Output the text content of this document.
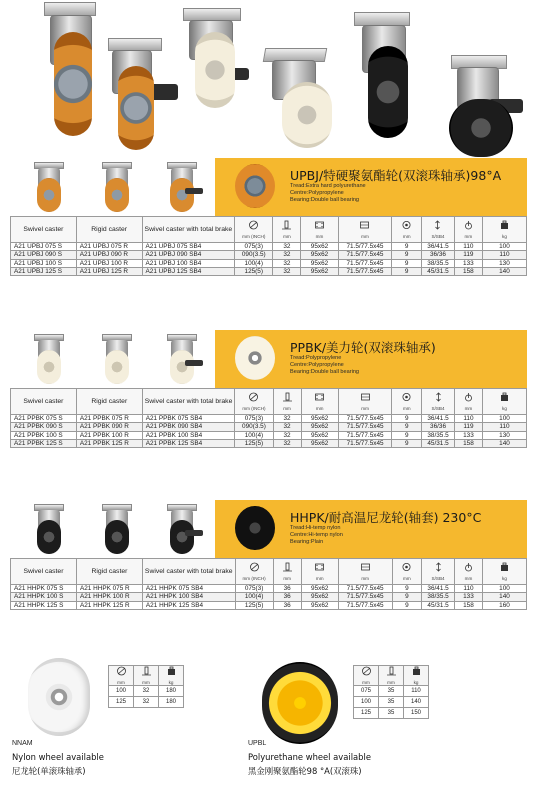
UPBJ/特硬聚氨酯轮(双滚珠轴承)98°A
Tread:Extra hard polyurethane
Centre:Polypropylene
Bearing:Double ball bearing
Swivel caster	Rigid caster	Swivel caster with total brake	mm (INCH)	mm	mm	mm	mm	S/SB4	mm	kg

A21 UPBJ 075 S	A21 UPBJ 075 R	A21 UPBJ 075 SB4	075(3)	32	95x62	71.5/77.5x45	9	36/41.5	110	100
A21 UPBJ 090 S	A21 UPBJ 090 R	A21 UPBJ 090 SB4	090(3.5)	32	95x62	71.5/77.5x45	9	36/36	119	110
A21 UPBJ 100 S	A21 UPBJ 100 R	A21 UPBJ 100 SB4	100(4)	32	95x62	71.5/77.5x45	9	38/35.5	133	130
A21 UPBJ 125 S	A21 UPBJ 125 R	A21 UPBJ 125 SB4	125(5)	32	95x62	71.5/77.5x45	9	45/31.5	158	140
PPBK/美力轮(双滚珠轴承)
Tread:Polypropylene
Centre:Polypropylene
Bearing:Double ball bearing
Swivel caster	Rigid caster	Swivel caster with total brake	mm (INCH)	mm	mm	mm	mm	S/SB4	mm	kg

A21 PPBK 075 S	A21 PPBK 075 R	A21 PPBK 075 SB4	075(3)	32	95x62	71.5/77.5x45	9	36/41.5	110	100
A21 PPBK 090 S	A21 PPBK 090 R	A21 PPBK 090 SB4	090(3.5)	32	95x62	71.5/77.5x45	9	36/36	119	110
A21 PPBK 100 S	A21 PPBK 100 R	A21 PPBK 100 SB4	100(4)	32	95x62	71.5/77.5x45	9	38/35.5	133	130
A21 PPBK 125 S	A21 PPBK 125 R	A21 PPBK 125 SB4	125(5)	32	95x62	71.5/77.5x45	9	45/31.5	158	140
HHPK/耐高温尼龙轮(轴套) 230°C
Tread:Hi-temp nylon
Centre:Hi-temp nylon
Bearing:Plain
Swivel caster	Rigid caster	Swivel caster with total brake	mm (INCH)	mm	mm	mm	mm	S/SB4	mm	kg

A21 HHPK 075 S	A21 HHPK 075 R	A21 HHPK 075 SB4	075(3)	36	95x62	71.5/77.5x45	9	36/41.5	110	100
A21 HHPK 100 S	A21 HHPK 100 R	A21 HHPK 100 SB4	100(4)	36	95x62	71.5/77.5x45	9	38/35.5	133	140
A21 HHPK 125 S	A21 HHPK 125 R	A21 HHPK 125 SB4	125(5)	36	95x62	71.5/77.5x45	9	45/31.5	158	160
mm	mm	kg

100	32	180
125	32	180
NNAM
Nylon wheel available
尼龙轮(单滚珠轴承)
mm	mm	kg

075	35	110
100	35	140
125	35	150
UPBL
Polyurethane wheel available
黑金刚聚氨酯轮98 °A(双滚珠)
